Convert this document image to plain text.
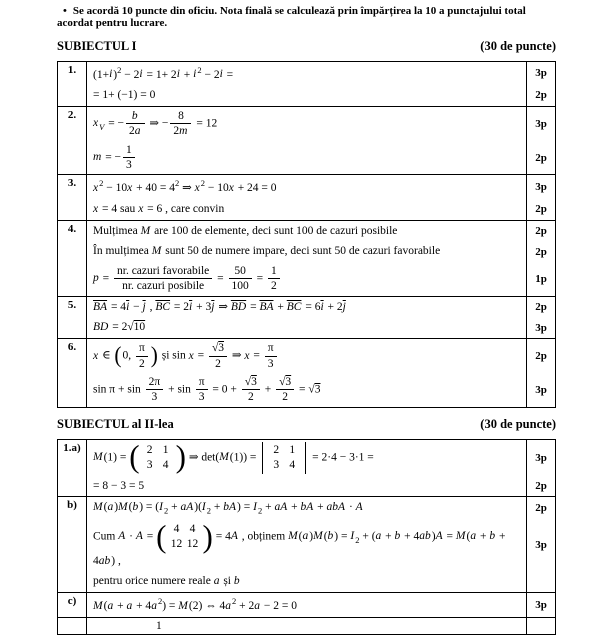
• Se acordă 10 puncte din oficiu. Nota finală se calculează prin împărțirea la 10 a punctajului total acordat pentru lucrare.
SUBIECTUL I	(30 de puncte)
1.	$(1+i)^2 - 2i = 1+ 2i + i^2 - 2i$ =	3p
	= 1+ (−1) = 0	2p
2.	$x_V$ = − $\frac{b}{2a}$ ⇒ − $\frac{8}{2m} = 12$	3p
	m = − $\frac{1}{3}$	2p
3.	$x^2 - 10x + 40 = 4^2$ ⇒ $x^2 - 10x + 24 = 0$	3p
	x = 4 sau x = 6 , care convin	2p
4.	Mulțimea M are 100 de elemente, deci sunt 100 de cazuri posibile	2p
	În mulțimea M sunt 50 de numere impare, deci sunt 50 de cazuri favorabile	2p
p =
nr. cazuri favorabile
nr. cazuri posibile
= $\frac{50}{100} = \frac{1}{2}$	1p
5.	$\overline{BA} = 4\overline{i} - \overline{j}$ , $\overline{BC} = 2\overline{i} + 3\overline{j}$ ⇒ $\overline{BD} = \overline{BA} + \overline{BC} = 6\overline{i} + 2\overline{j}$	2p
	BD = 2√10	3p
6.	x ∈ (0, $\frac{\pi}{2}$ ) și $\sin x = \frac{√3}{2}$ ⇒ $x = \frac{\pi}{3}$	2p
$\sin \pi + \sin \frac{2\pi}{3} + \sin \frac{\pi}{3} = 0 + \frac{√3}{2} + \frac{√3}{2} = √3$	3p
SUBIECTUL al II-lea	(30 de puncte)
1.a)	M(1) = ( 2 1
3 4 ) ⇒ det(M(1)) =
2 1
3 4
= 2·4 − 3·1 =	3p
	= 8 − 3 = 5	2p
b)	$M(a)M(b) = (I_2 + aA)(I_2 + bA) = I_2$ + aA + bA + abA · A	2p
Cum A · A = ( 4 4
12 12 ) = 4A , obținem $M(a)M(b) = I_2 + (a + b + 4ab)A = M(a + b + 4ab)$ ,	3p
	pentru orice numere reale a și b	
c)	$M(a + a + 4a^2) = M(2)$ ⇔ $4a^2 + 2a - 2 = 0$	3p
	1	
